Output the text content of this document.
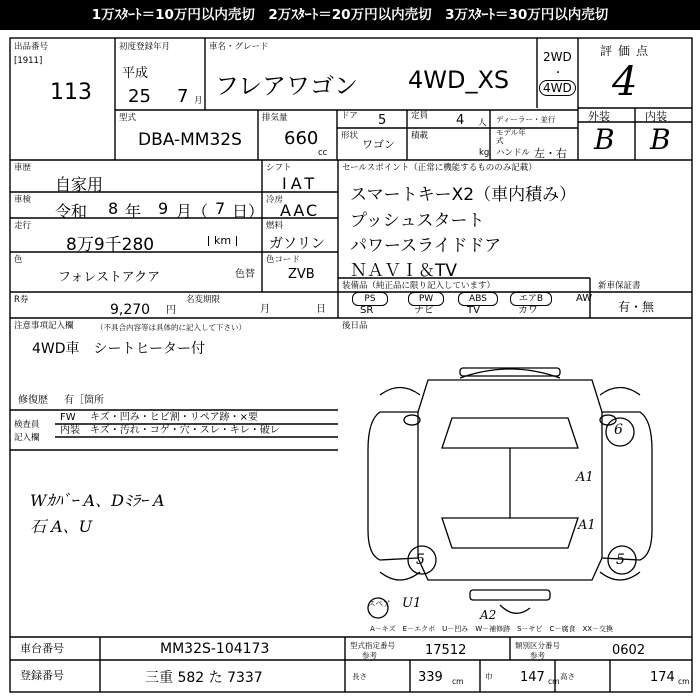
1万ｽﾀｰﾄ＝10万円以内売切　2万ｽﾀｰﾄ＝20万円以内売切　3万ｽﾀｰﾄ＝30万円以内売切
出品番号
[1911]
113
初度登録年月
平成
25 7 月
車名・グレード
フレアワゴン 4WD_XS
2WD
・
4WD
評価点
4
外装	内装
B B
型式
DBA-MM32S
排気量
660
cc
ドア 5	定員 4 人 ディーラー・並行
形状
ワゴン
積載
kg
モデル年式
ハンドル 左・右
車歴
自家用
車検
令和 8 年 9 月（ 7 日）
走行
8万9千280	km
シフト
IAT
冷房
AAC
燃料
ガソリン
色
フォレストアクア	色替
色コード
ZVB
R券
9,270 円
名変期限
月	日
セールスポイント（正常に機能するもののみ記載）
スマートキーX2（車内積み）
プッシュスタート
パワースライドドア
ＮＡＶＩ＆TV
装備品（純正品に限り記入しています）
PS	PW	ABS	エアB	AW
SR	ナビ	TV	カワ
新車保証書
有・無
注意事項記入欄	（不具合内容等は具体的に記入して下さい）
4WD車　シートヒーター付
修復歴 有［箇所
後日品
検査員
記入欄
FW キズ・凹み・ヒビ割・リペア跡・×要
内装 キズ・汚れ・コゲ・穴・スレ・キレ・破レ
Wｶﾊﾞｰ A、Dﾐﾗｰ A
石 A、U
6
A1
A1
5	5
U1
A2
スペア
A－キズ　E－エクボ　U－凹み　W－補修跡　S－サビ　C－腐食　XX－交換
車台番号	MM32S-104173
登録番号	三重 582 た 7337
型式指定番号
参考	17512	類別区分番号
参考	0602
長さ	339 cm
巾 147 cm
高さ	174 cm
